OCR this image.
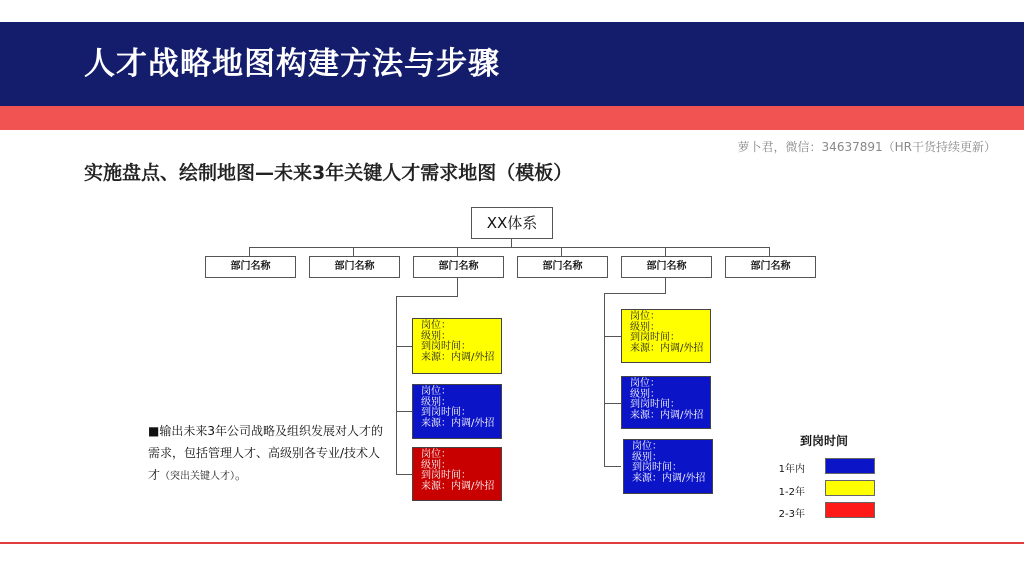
人才战略地图构建方法与步骤
萝卜君，微信：34637891（HR干货持续更新）
实施盘点、绘制地图—未来3年关键人才需求地图（模板）
XX体系
部门名称	部门名称	部门名称	部门名称	部门名称	部门名称
岗位：
级别：
到岗时间：
来源：内调/外招
岗位：
级别：
到岗时间：
来源：内调/外招
岗位：
级别：
到岗时间：
来源：内调/外招
岗位：
级别：
到岗时间：
来源：内调/外招
岗位：
级别：
到岗时间：
来源：内调/外招
岗位：
级别：
到岗时间：
来源：内调/外招
■输出未来3年公司战略及组织发展对人才的需求，包括管理人才、高级别各专业/技术人才（突出关键人才）。
到岗时间
1年内
1-2年
2-3年
